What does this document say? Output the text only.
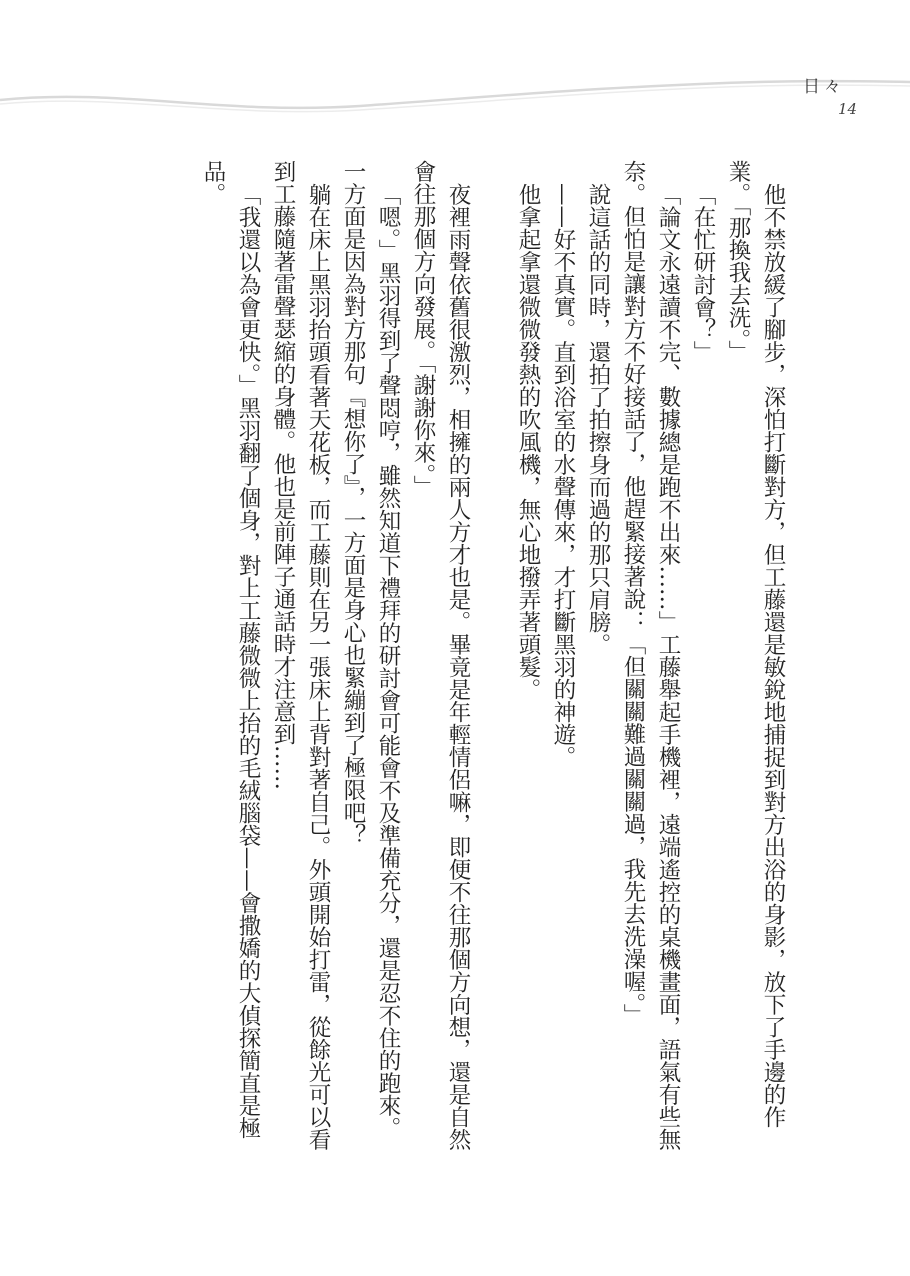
日々
14

他不禁放緩了腳步，深怕打斷對方，但工藤還是敏銳地捕捉到對方出浴的身影，放下了手邊的作業。「那換我去洗。」

「在忙研討會？」

「論文永遠讀不完、數據總是跑不出來……」工藤舉起手機裡，遠端遙控的桌機畫面，語氣有些無奈。但怕是讓對方不好接話了，他趕緊接著說：「但關關難過關關過，我先去洗澡喔。」

說這話的同時，還拍了拍擦身而過的那只肩膀。

——好不真實。直到浴室的水聲傳來，才打斷黑羽的神遊。

他拿起拿還微微發熱的吹風機，無心地撥弄著頭髮。

夜裡雨聲依舊很激烈，相擁的兩人方才也是。畢竟是年輕情侶嘛，即便不往那個方向想，還是自然會往那個方向發展。「謝謝你來。」

「嗯。」黑羽得到了聲悶哼，雖然知道下禮拜的研討會可能會不及準備充分，還是忍不住的跑來。一方面是因為對方那句『想你了』，一方面是身心也緊繃到了極限吧？

躺在床上黑羽抬頭看著天花板，而工藤則在另一張床上背對著自己。外頭開始打雷，從餘光可以看到工藤隨著雷聲瑟縮的身體。他也是前陣子通話時才注意到……

「我還以為會更快。」黑羽翻了個身，對上工藤微微上抬的毛絨腦袋——會撒嬌的大偵探簡直是極品。
